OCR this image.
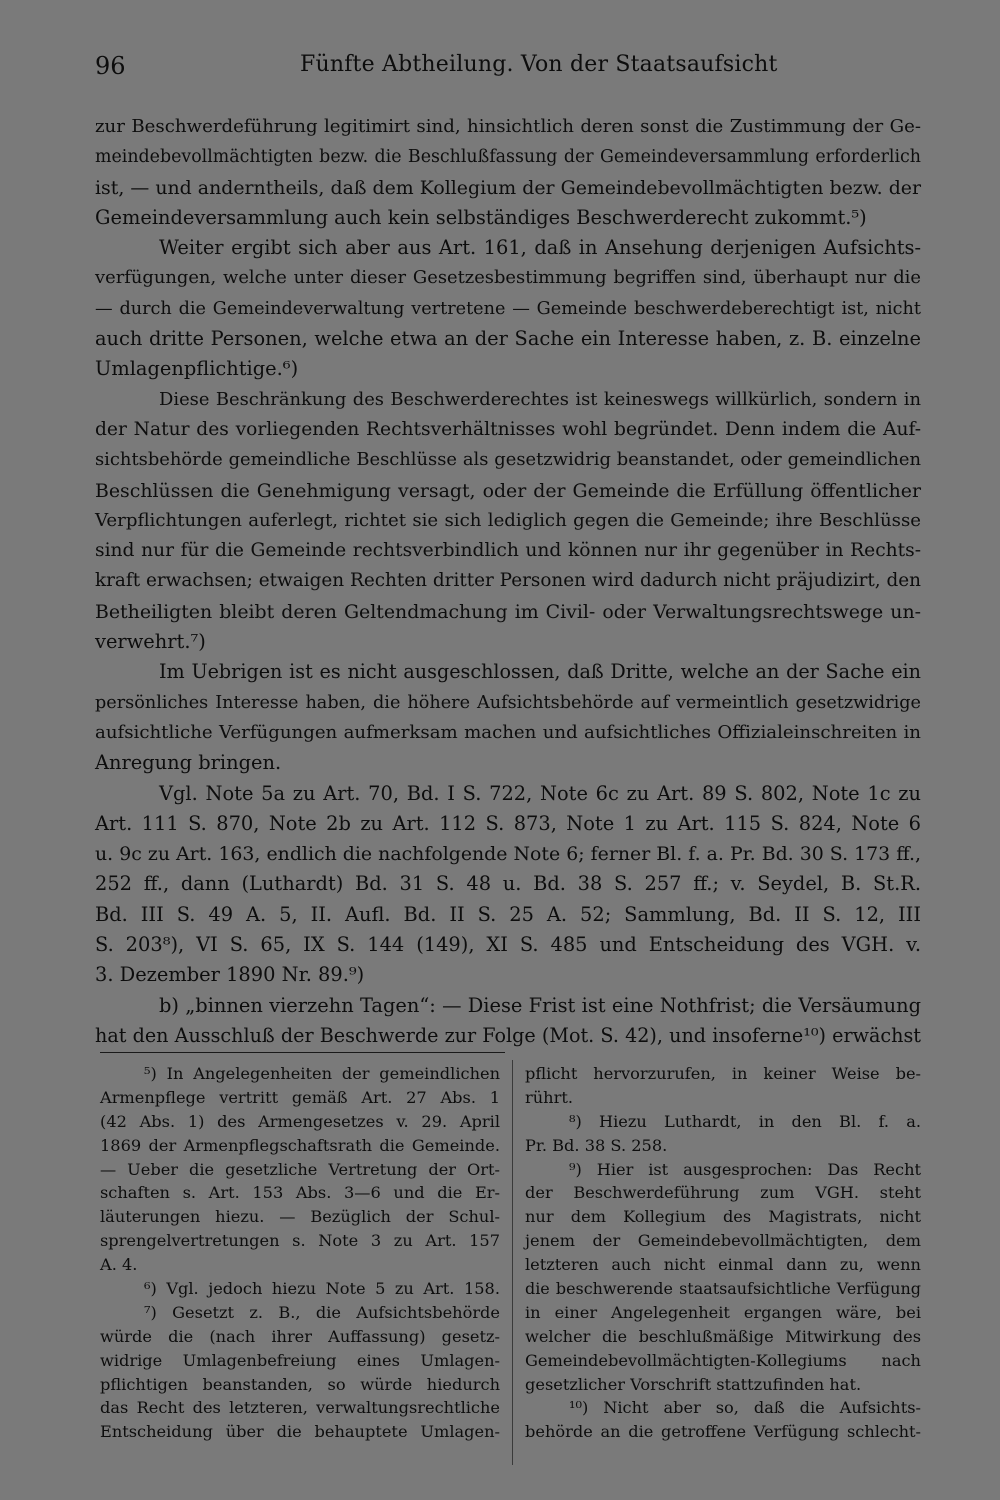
96	Fünfte Abtheilung. Von der Staatsaufsicht
zur Beschwerdeführung legitimirt sind, hinsichtlich deren sonst die Zustimmung der Ge-
meindebevollmächtigten bezw. die Beschlußfassung der Gemeindeversammlung erforderlich
ist, — und anderntheils, daß dem Kollegium der Gemeindebevollmächtigten bezw. der
Gemeindeversammlung auch kein selbständiges Beschwerderecht zukommt.⁵)
Weiter ergibt sich aber aus Art. 161, daß in Ansehung derjenigen Aufsichts-
verfügungen, welche unter dieser Gesetzesbestimmung begriffen sind, überhaupt nur die
— durch die Gemeindeverwaltung vertretene — Gemeinde beschwerdeberechtigt ist, nicht
auch dritte Personen, welche etwa an der Sache ein Interesse haben, z. B. einzelne
Umlagenpflichtige.⁶)
Diese Beschränkung des Beschwerderechtes ist keineswegs willkürlich, sondern in
der Natur des vorliegenden Rechtsverhältnisses wohl begründet. Denn indem die Auf-
sichtsbehörde gemeindliche Beschlüsse als gesetzwidrig beanstandet, oder gemeindlichen
Beschlüssen die Genehmigung versagt, oder der Gemeinde die Erfüllung öffentlicher
Verpflichtungen auferlegt, richtet sie sich lediglich gegen die Gemeinde; ihre Beschlüsse
sind nur für die Gemeinde rechtsverbindlich und können nur ihr gegenüber in Rechts-
kraft erwachsen; etwaigen Rechten dritter Personen wird dadurch nicht präjudizirt, den
Betheiligten bleibt deren Geltendmachung im Civil- oder Verwaltungsrechtswege un-
verwehrt.⁷)
Im Uebrigen ist es nicht ausgeschlossen, daß Dritte, welche an der Sache ein
persönliches Interesse haben, die höhere Aufsichtsbehörde auf vermeintlich gesetzwidrige
aufsichtliche Verfügungen aufmerksam machen und aufsichtliches Offizialeinschreiten in
Anregung bringen.
Vgl. Note 5a zu Art. 70, Bd. I S. 722, Note 6c zu Art. 89 S. 802, Note 1c zu
Art. 111 S. 870, Note 2b zu Art. 112 S. 873, Note 1 zu Art. 115 S. 824, Note 6
u. 9c zu Art. 163, endlich die nachfolgende Note 6; ferner Bl. f. a. Pr. Bd. 30 S. 173 ff.,
252 ff., dann (Luthardt) Bd. 31 S. 48 u. Bd. 38 S. 257 ff.; v. Seydel, B. St.R.
Bd. III S. 49 A. 5, II. Aufl. Bd. II S. 25 A. 52; Sammlung, Bd. II S. 12, III
S. 203⁸), VI S. 65, IX S. 144 (149), XI S. 485 und Entscheidung des VGH. v.
3. Dezember 1890 Nr. 89.⁹)
b) „binnen vierzehn Tagen“: — Diese Frist ist eine Nothfrist; die Versäumung
hat den Ausschluß der Beschwerde zur Folge (Mot. S. 42), und insoferne¹⁰) erwächst
⁵) In Angelegenheiten der gemeindlichen
Armenpflege vertritt gemäß Art. 27 Abs. 1
(42 Abs. 1) des Armengesetzes v. 29. April
1869 der Armenpflegschaftsrath die Gemeinde.
— Ueber die gesetzliche Vertretung der Ort-
schaften s. Art. 153 Abs. 3—6 und die Er-
läuterungen hiezu. — Bezüglich der Schul-
sprengelvertretungen s. Note 3 zu Art. 157
A. 4.
⁶) Vgl. jedoch hiezu Note 5 zu Art. 158.
⁷) Gesetzt z. B., die Aufsichtsbehörde
würde die (nach ihrer Auffassung) gesetz-
widrige Umlagenbefreiung eines Umlagen-
pflichtigen beanstanden, so würde hiedurch
das Recht des letzteren, verwaltungsrechtliche
Entscheidung über die behauptete Umlagen-
pflicht hervorzurufen, in keiner Weise be-
rührt.
⁸) Hiezu Luthardt, in den Bl. f. a.
Pr. Bd. 38 S. 258.
⁹) Hier ist ausgesprochen: Das Recht
der Beschwerdeführung zum VGH. steht
nur dem Kollegium des Magistrats, nicht
jenem der Gemeindebevollmächtigten, dem
letzteren auch nicht einmal dann zu, wenn
die beschwerende staatsaufsichtliche Verfügung
in einer Angelegenheit ergangen wäre, bei
welcher die beschlußmäßige Mitwirkung des
Gemeindebevollmächtigten-Kollegiums nach
gesetzlicher Vorschrift stattzufinden hat.
¹⁰) Nicht aber so, daß die Aufsichts-
behörde an die getroffene Verfügung schlecht-
